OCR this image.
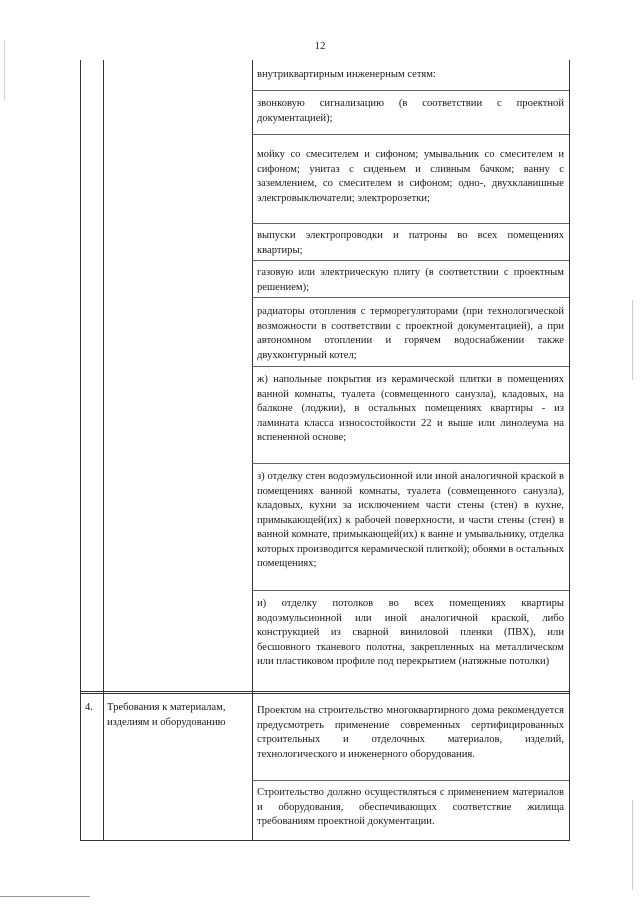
12
внутриквартирным инженерным сетям:
звонковую сигнализацию (в соответствии с проектной документацией);
мойку со смесителем и сифоном; умывальник со смесителем и сифоном; унитаз с сиденьем и сливным бачком; ванну с заземлением, со смесителем и сифоном; одно-, двухклавишные электровыключатели; электророзетки;
выпуски электропроводки и патроны во всех помещениях квартиры;
газовую или электрическую плиту (в соответствии с проектным решением);
радиаторы отопления с терморегуляторами (при технологической возможности в соответствии с проектной документацией), а при автономном отоплении и горячем водоснабжении также двухконтурный котел;
ж) напольные покрытия из керамической плитки в помещениях ванной комнаты, туалета (совмещенного санузла), кладовых, на балконе (лоджии), в остальных помещениях квартиры - из ламината класса износостойкости 22 и выше или линолеума на вспененной основе;
з) отделку стен водоэмульсионной или иной аналогичной краской в помещениях ванной комнаты, туалета (совмещенного санузла), кладовых, кухни за исключением части стены (стен) в кухне, примыкающей(их) к рабочей поверхности, и части стены (стен) в ванной комнате, примыкающей(их) к ванне и умывальнику, отделка которых производится керамической плиткой); обоями в остальных помещениях;
и) отделку потолков во всех помещениях квартиры водоэмульсионной или иной аналогичной краской, либо конструкцией из сварной виниловой пленки (ПВХ), или бесшовного тканевого полотна, закрепленных на металлическом или пластиковом профиле под перекрытием (натяжные потолки)
4.	Требования к материалам, изделиям и оборудованию
Проектом на строительство многоквартирного дома рекомендуется предусмотреть применение современных сертифицированных строительных и отделочных материалов, изделий, технологического и инженерного оборудования.
Строительство должно осуществляться с применением материалов и оборудования, обеспечивающих соответствие жилища требованиям проектной документации.
